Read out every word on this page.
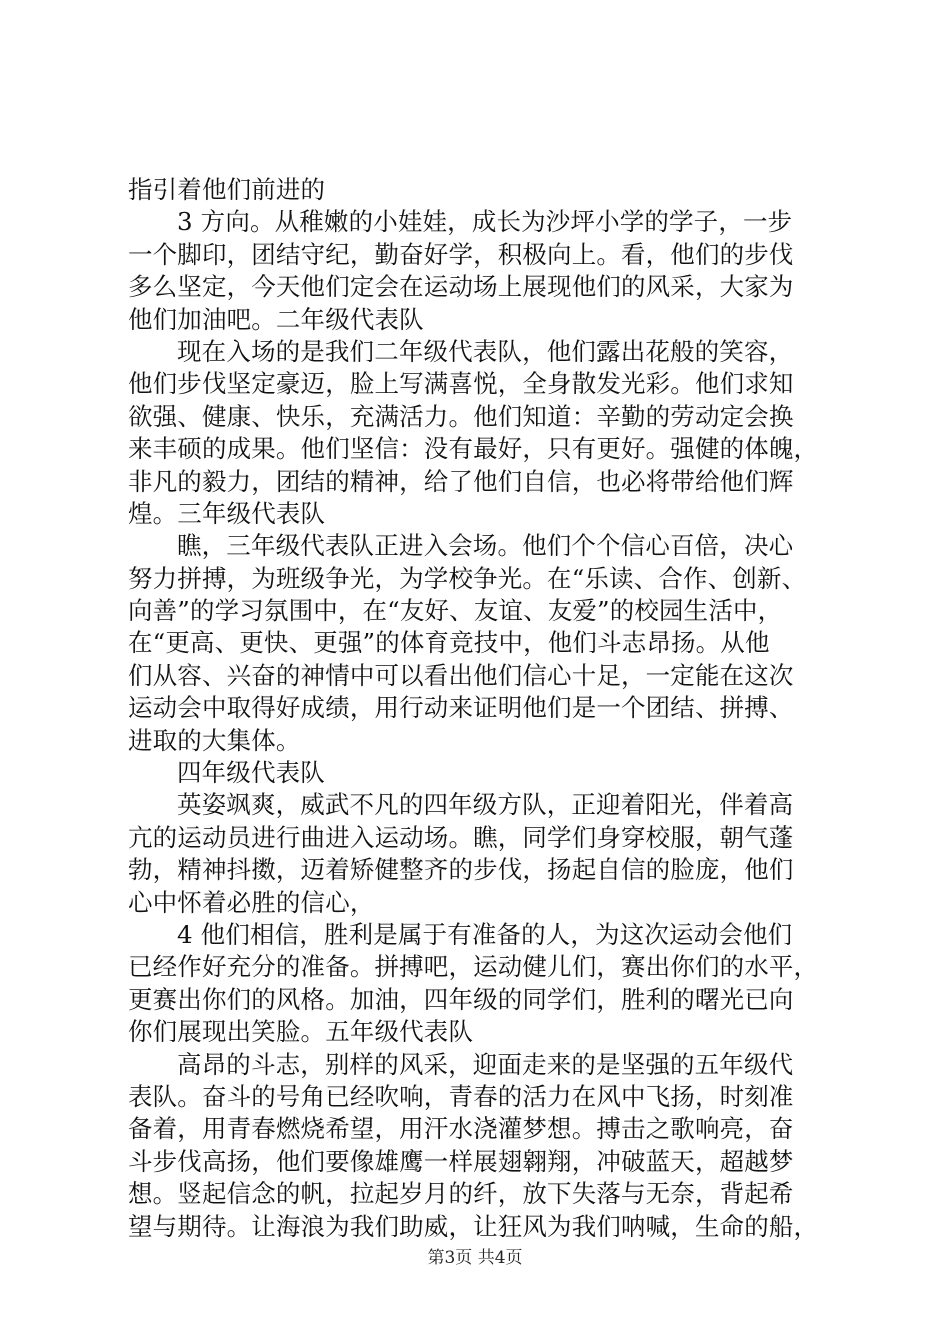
指引着他们前进的
3 方向。从稚嫩的小娃娃，成长为沙坪小学的学子，一步
一个脚印，团结守纪，勤奋好学，积极向上。看，他们的步伐
多么坚定，今天他们定会在运动场上展现他们的风采，大家为
他们加油吧。二年级代表队
现在入场的是我们二年级代表队，他们露出花般的笑容，
他们步伐坚定豪迈，脸上写满喜悦，全身散发光彩。他们求知
欲强、健康、快乐，充满活力。他们知道：辛勤的劳动定会换
来丰硕的成果。他们坚信：没有最好，只有更好。强健的体魄，
非凡的毅力，团结的精神，给了他们自信，也必将带给他们辉
煌。三年级代表队
瞧，三年级代表队正进入会场。他们个个信心百倍，决心
努力拼搏，为班级争光，为学校争光。在“乐读、合作、创新、
向善”的学习氛围中，在“友好、友谊、友爱”的校园生活中，
在“更高、更快、更强”的体育竞技中，他们斗志昂扬。从他
们从容、兴奋的神情中可以看出他们信心十足，一定能在这次
运动会中取得好成绩，用行动来证明他们是一个团结、拼搏、
进取的大集体。
四年级代表队
英姿飒爽，威武不凡的四年级方队，正迎着阳光，伴着高
亢的运动员进行曲进入运动场。瞧，同学们身穿校服，朝气蓬
勃，精神抖擞，迈着矫健整齐的步伐，扬起自信的脸庞，他们
心中怀着必胜的信心，
4 他们相信，胜利是属于有准备的人，为这次运动会他们
已经作好充分的准备。拼搏吧，运动健儿们，赛出你们的水平，
更赛出你们的风格。加油，四年级的同学们，胜利的曙光已向
你们展现出笑脸。五年级代表队
高昂的斗志，别样的风采，迎面走来的是坚强的五年级代
表队。奋斗的号角已经吹响，青春的活力在风中飞扬，时刻准
备着，用青春燃烧希望，用汗水浇灌梦想。搏击之歌响亮，奋
斗步伐高扬，他们要像雄鹰一样展翅翱翔，冲破蓝天，超越梦
想。竖起信念的帆，拉起岁月的纤，放下失落与无奈，背起希
望与期待。让海浪为我们助威，让狂风为我们呐喊，生命的船，
第3页 共4页
